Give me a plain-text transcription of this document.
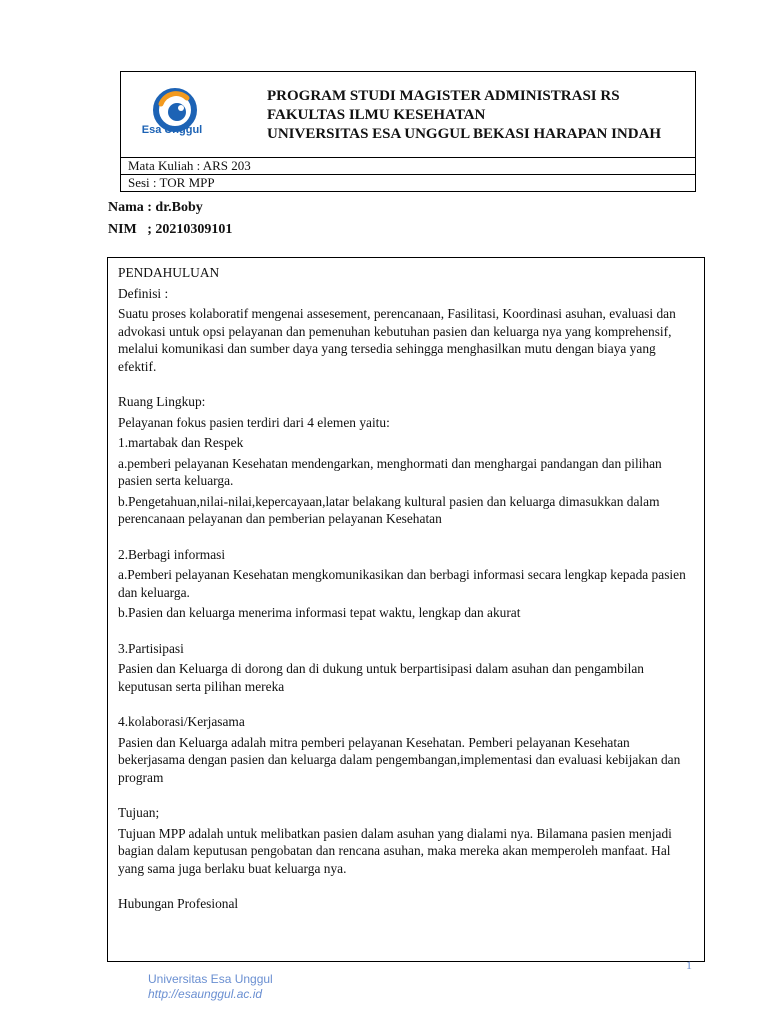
Esa Unggul
PROGRAM STUDI MAGISTER ADMINISTRASI RS
FAKULTAS ILMU KESEHATAN
UNIVERSITAS ESA UNGGUL BEKASI HARAPAN INDAH
Mata Kuliah : ARS 203
Sesi : TOR MPP
Nama : dr.Boby
NIM   ; 20210309101

PENDAHULUAN

Definisi :

Suatu proses kolaboratif mengenai assesement, perencanaan, Fasilitasi, Koordinasi asuhan, evaluasi dan advokasi untuk opsi pelayanan dan pemenuhan kebutuhan pasien dan keluarga nya yang komprehensif, melalui komunikasi dan sumber daya yang tersedia sehingga menghasilkan mutu dengan biaya yang efektif.

Ruang Lingkup:

Pelayanan fokus pasien terdiri dari 4 elemen yaitu:

1.martabak dan Respek

a.pemberi pelayanan Kesehatan mendengarkan, menghormati dan menghargai pandangan dan pilihan pasien serta keluarga.

b.Pengetahuan,nilai-nilai,kepercayaan,latar belakang kultural pasien dan keluarga dimasukkan dalam perencanaan pelayanan dan pemberian pelayanan Kesehatan

2.Berbagi informasi

a.Pemberi pelayanan Kesehatan mengkomunikasikan dan berbagi informasi secara lengkap kepada pasien dan keluarga.

b.Pasien dan keluarga menerima informasi tepat waktu, lengkap dan akurat

3.Partisipasi

Pasien dan Keluarga di dorong dan di dukung untuk berpartisipasi dalam asuhan dan pengambilan keputusan serta pilihan mereka

4.kolaborasi/Kerjasama

Pasien dan Keluarga adalah mitra pemberi pelayanan Kesehatan. Pemberi pelayanan Kesehatan bekerjasama dengan pasien dan keluarga dalam pengembangan,implementasi dan evaluasi kebijakan dan program

Tujuan;

Tujuan MPP adalah untuk melibatkan pasien dalam asuhan yang dialami nya. Bilamana pasien menjadi bagian dalam keputusan pengobatan dan rencana asuhan, maka mereka akan memperoleh manfaat. Hal yang sama juga berlaku buat keluarga nya.

Hubungan Profesional

1
Universitas Esa Unggul
http://esaunggul.ac.id
